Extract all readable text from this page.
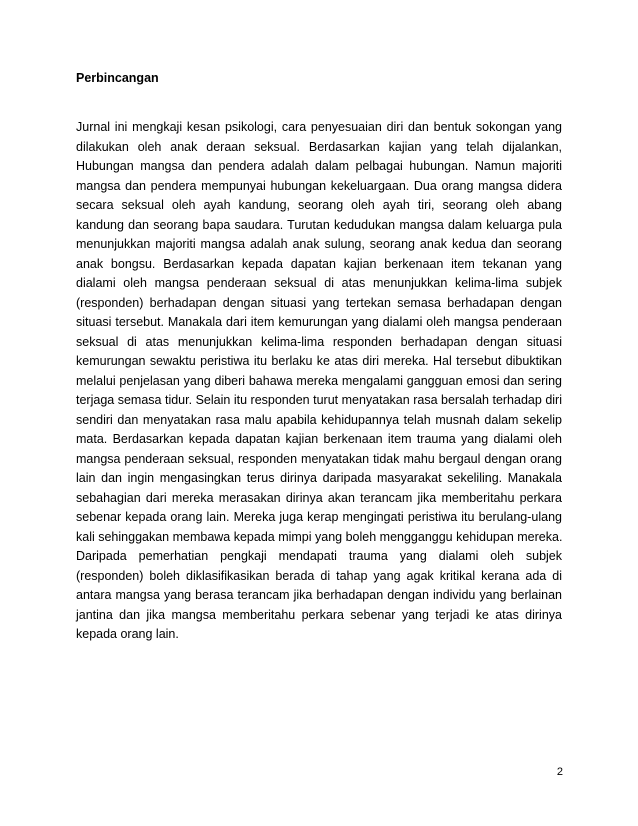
Perbincangan
Jurnal ini mengkaji kesan psikologi, cara penyesuaian diri dan bentuk sokongan yang
dilakukan oleh anak deraan seksual. Berdasarkan kajian yang telah dijalankan,
Hubungan mangsa dan pendera adalah dalam pelbagai hubungan. Namun majoriti
mangsa dan pendera mempunyai hubungan kekeluargaan. Dua orang mangsa didera
secara seksual oleh ayah kandung, seorang oleh ayah tiri, seorang oleh abang
kandung dan seorang bapa saudara. Turutan kedudukan mangsa dalam keluarga pula
menunjukkan majoriti mangsa adalah anak sulung, seorang anak kedua dan seorang
anak bongsu. Berdasarkan kepada dapatan kajian berkenaan item tekanan yang
dialami oleh mangsa penderaan seksual di atas menunjukkan kelima-lima subjek
(responden) berhadapan dengan situasi yang tertekan semasa berhadapan dengan
situasi tersebut. Manakala dari item kemurungan yang dialami oleh mangsa penderaan
seksual di atas menunjukkan kelima-lima responden berhadapan dengan situasi
kemurungan sewaktu peristiwa itu berlaku ke atas diri mereka. Hal tersebut dibuktikan
melalui penjelasan yang diberi bahawa mereka mengalami gangguan emosi dan sering
terjaga semasa tidur. Selain itu responden turut menyatakan rasa bersalah terhadap diri
sendiri dan menyatakan rasa malu apabila kehidupannya telah musnah dalam sekelip
mata. Berdasarkan kepada dapatan kajian berkenaan item trauma yang dialami oleh
mangsa penderaan seksual, responden menyatakan tidak mahu bergaul dengan orang
lain dan ingin mengasingkan terus dirinya daripada masyarakat sekeliling. Manakala
sebahagian dari mereka merasakan dirinya akan terancam jika memberitahu perkara
sebenar kepada orang lain. Mereka juga kerap mengingati peristiwa itu berulang-ulang
kali sehinggakan membawa kepada mimpi yang boleh mengganggu kehidupan mereka.
Daripada pemerhatian pengkaji mendapati trauma yang dialami oleh subjek
(responden) boleh diklasifikasikan berada di tahap yang agak kritikal kerana ada di
antara mangsa yang berasa terancam jika berhadapan dengan individu yang berlainan
jantina dan jika mangsa memberitahu perkara sebenar yang terjadi ke atas dirinya
kepada orang lain.
2
